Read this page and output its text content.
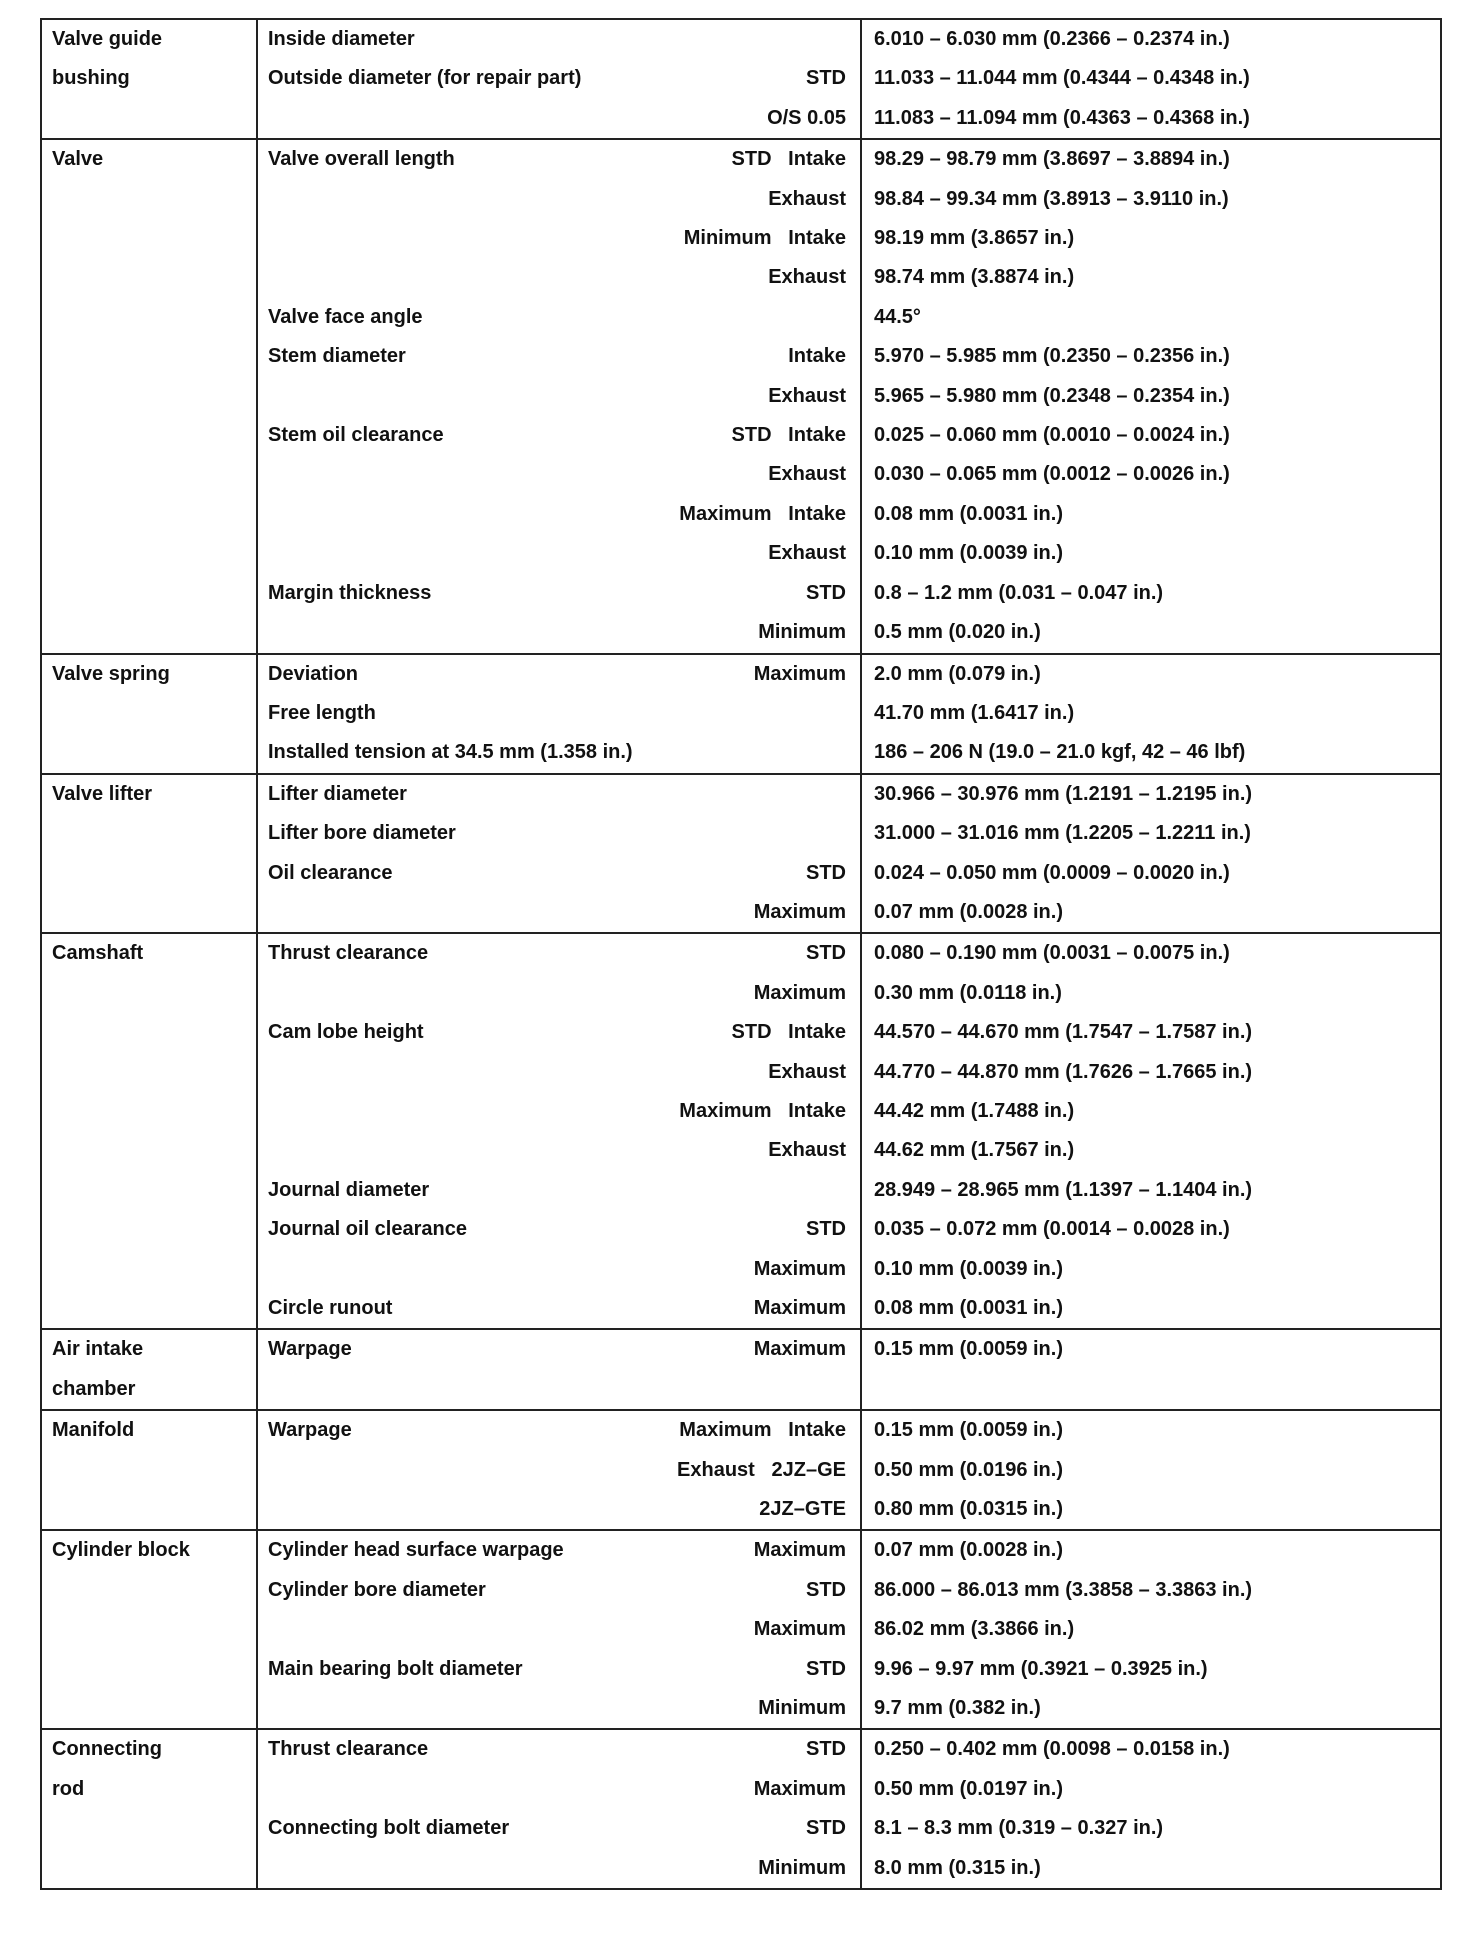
Valve guide	Inside diameter	6.010 – 6.030 mm (0.2366 – 0.2374 in.)
bushing	Outside diameter (for repair part) STD	11.033 – 11.044 mm (0.4344 – 0.4348 in.)

	O/S 0.05	11.083 – 11.094 mm (0.4363 – 0.4368 in.)
Valve	Valve overall length STD   Intake	98.29 – 98.79 mm (3.8697 – 3.8894 in.)

	Exhaust	98.84 – 99.34 mm (3.8913 – 3.9110 in.)

	Minimum   Intake	98.19 mm (3.8657 in.)

	Exhaust	98.74 mm (3.8874 in.)

	Valve face angle	44.5°

	Stem diameter Intake	5.970 – 5.985 mm (0.2350 – 0.2356 in.)

	Exhaust	5.965 – 5.980 mm (0.2348 – 0.2354 in.)

	Stem oil clearance STD   Intake	0.025 – 0.060 mm (0.0010 – 0.0024 in.)

	Exhaust	0.030 – 0.065 mm (0.0012 – 0.0026 in.)

	Maximum   Intake	0.08 mm (0.0031 in.)

	Exhaust	0.10 mm (0.0039 in.)

	Margin thickness STD	0.8 – 1.2 mm (0.031 – 0.047 in.)

	Minimum	0.5 mm (0.020 in.)
Valve spring	Deviation Maximum	2.0 mm (0.079 in.)

	Free length	41.70 mm (1.6417 in.)

	Installed tension at 34.5 mm (1.358 in.)	186 – 206 N (19.0 – 21.0 kgf, 42 – 46 lbf)
Valve lifter	Lifter diameter	30.966 – 30.976 mm (1.2191 – 1.2195 in.)

	Lifter bore diameter	31.000 – 31.016 mm (1.2205 – 1.2211 in.)

	Oil clearance STD	0.024 – 0.050 mm (0.0009 – 0.0020 in.)

	Maximum	0.07 mm (0.0028 in.)
Camshaft	Thrust clearance STD	0.080 – 0.190 mm (0.0031 – 0.0075 in.)

	Maximum	0.30 mm (0.0118 in.)

	Cam lobe height STD   Intake	44.570 – 44.670 mm (1.7547 – 1.7587 in.)

	Exhaust	44.770 – 44.870 mm (1.7626 – 1.7665 in.)

	Maximum   Intake	44.42 mm (1.7488 in.)

	Exhaust	44.62 mm (1.7567 in.)

	Journal diameter	28.949 – 28.965 mm (1.1397 – 1.1404 in.)

	Journal oil clearance STD	0.035 – 0.072 mm (0.0014 – 0.0028 in.)

	Maximum	0.10 mm (0.0039 in.)

	Circle runout Maximum	0.08 mm (0.0031 in.)
Air intake	Warpage Maximum	0.15 mm (0.0059 in.)
chamber	

Manifold	Warpage Maximum   Intake	0.15 mm (0.0059 in.)

	Exhaust   2JZ–GE	0.50 mm (0.0196 in.)

	2JZ–GTE	0.80 mm (0.0315 in.)
Cylinder block	Cylinder head surface warpage Maximum	0.07 mm (0.0028 in.)

	Cylinder bore diameter STD	86.000 – 86.013 mm (3.3858 – 3.3863 in.)

	Maximum	86.02 mm (3.3866 in.)

	Main bearing bolt diameter STD	9.96 – 9.97 mm (0.3921 – 0.3925 in.)

	Minimum	9.7 mm (0.382 in.)
Connecting	Thrust clearance STD	0.250 – 0.402 mm (0.0098 – 0.0158 in.)
rod	Maximum	0.50 mm (0.0197 in.)

	Connecting bolt diameter STD	8.1 – 8.3 mm (0.319 – 0.327 in.)

	Minimum	8.0 mm (0.315 in.)
